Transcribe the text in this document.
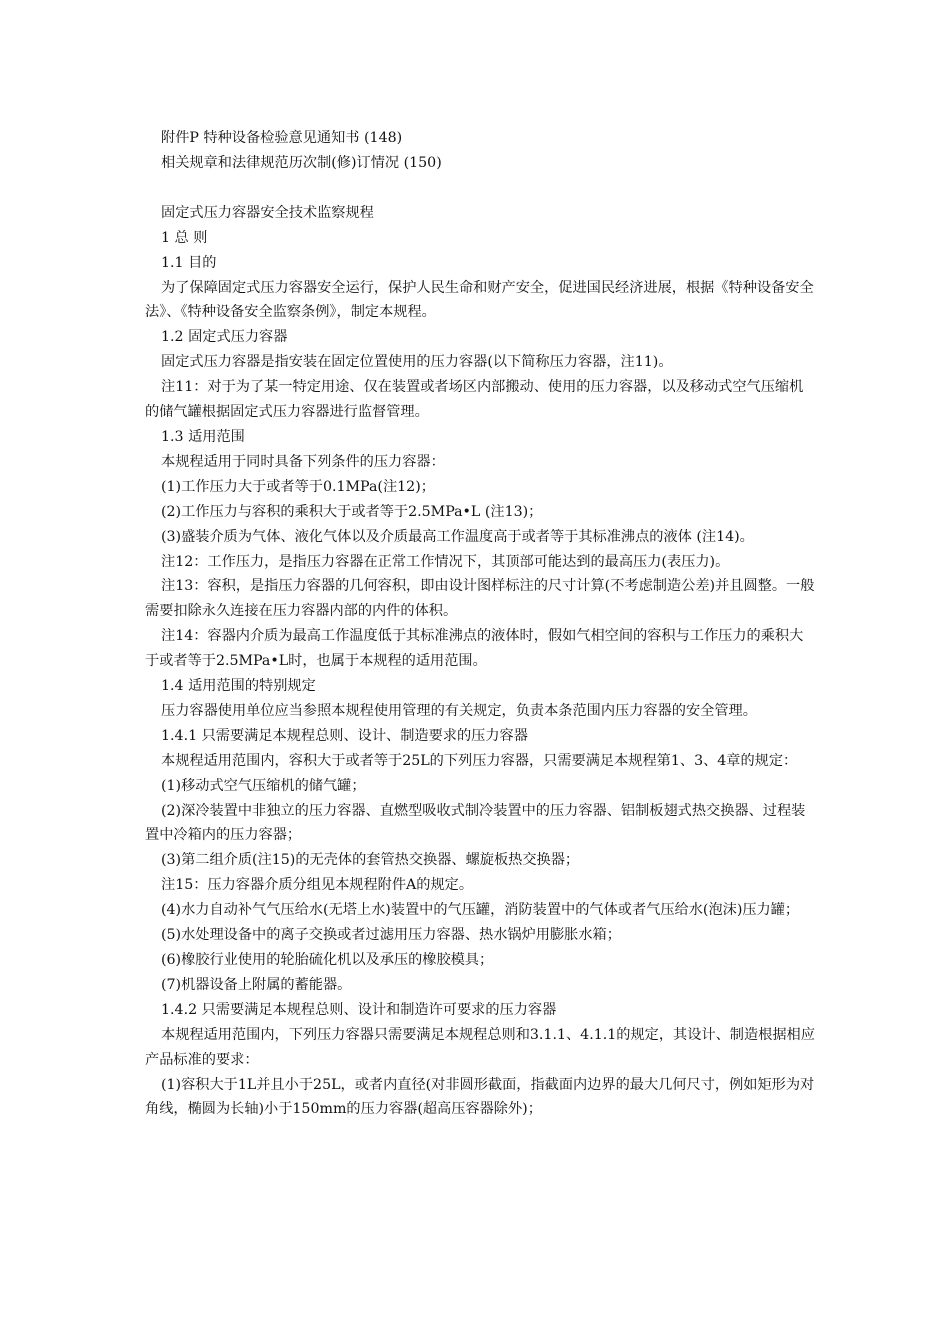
附件P 特种设备检验意见通知书 (148)

相关规章和法律规范历次制(修)订情况 (150)

固定式压力容器安全技术监察规程

1 总 则

1.1 目的

为了保障固定式压力容器安全运行，保护人民生命和财产安全，促进国民经济进展，根据《特种设备安全法》、《特种设备安全监察条例》，制定本规程。

1.2 固定式压力容器

固定式压力容器是指安装在固定位置使用的压力容器(以下简称压力容器，注11)。

注11：对于为了某一特定用途、仅在装置或者场区内部搬动、使用的压力容器，以及移动式空气压缩机的储气罐根据固定式压力容器进行监督管理。

1.3 适用范围

本规程适用于同时具备下列条件的压力容器：

(1)工作压力大于或者等于0.1MPa(注12)；

(2)工作压力与容积的乘积大于或者等于2.5MPa•L (注13)；

(3)盛装介质为气体、液化气体以及介质最高工作温度高于或者等于其标准沸点的液体 (注14)。

注12：工作压力，是指压力容器在正常工作情况下，其顶部可能达到的最高压力(表压力)。

注13：容积，是指压力容器的几何容积，即由设计图样标注的尺寸计算(不考虑制造公差)并且圆整。一般需要扣除永久连接在压力容器内部的内件的体积。

注14：容器内介质为最高工作温度低于其标准沸点的液体时，假如气相空间的容积与工作压力的乘积大于或者等于2.5MPa•L时，也属于本规程的适用范围。

1.4 适用范围的特别规定

压力容器使用单位应当参照本规程使用管理的有关规定，负责本条范围内压力容器的安全管理。

1.4.1 只需要满足本规程总则、设计、制造要求的压力容器

本规程适用范围内，容积大于或者等于25L的下列压力容器，只需要满足本规程第1、3、4章的规定：

(1)移动式空气压缩机的储气罐；

(2)深冷装置中非独立的压力容器、直燃型吸收式制冷装置中的压力容器、铝制板翅式热交换器、过程装置中冷箱内的压力容器；

(3)第二组介质(注15)的无壳体的套管热交换器、螺旋板热交换器；

注15：压力容器介质分组见本规程附件A的规定。

(4)水力自动补气气压给水(无塔上水)装置中的气压罐，消防装置中的气体或者气压给水(泡沫)压力罐；

(5)水处理设备中的离子交换或者过滤用压力容器、热水锅炉用膨胀水箱；

(6)橡胶行业使用的轮胎硫化机以及承压的橡胶模具；

(7)机器设备上附属的蓄能器。

1.4.2 只需要满足本规程总则、设计和制造许可要求的压力容器

本规程适用范围内，下列压力容器只需要满足本规程总则和3.1.1、4.1.1的规定，其设计、制造根据相应产品标准的要求：

(1)容积大于1L并且小于25L，或者内直径(对非圆形截面，指截面内边界的最大几何尺寸，例如矩形为对角线，椭圆为长轴)小于150mm的压力容器(超高压容器除外)；
